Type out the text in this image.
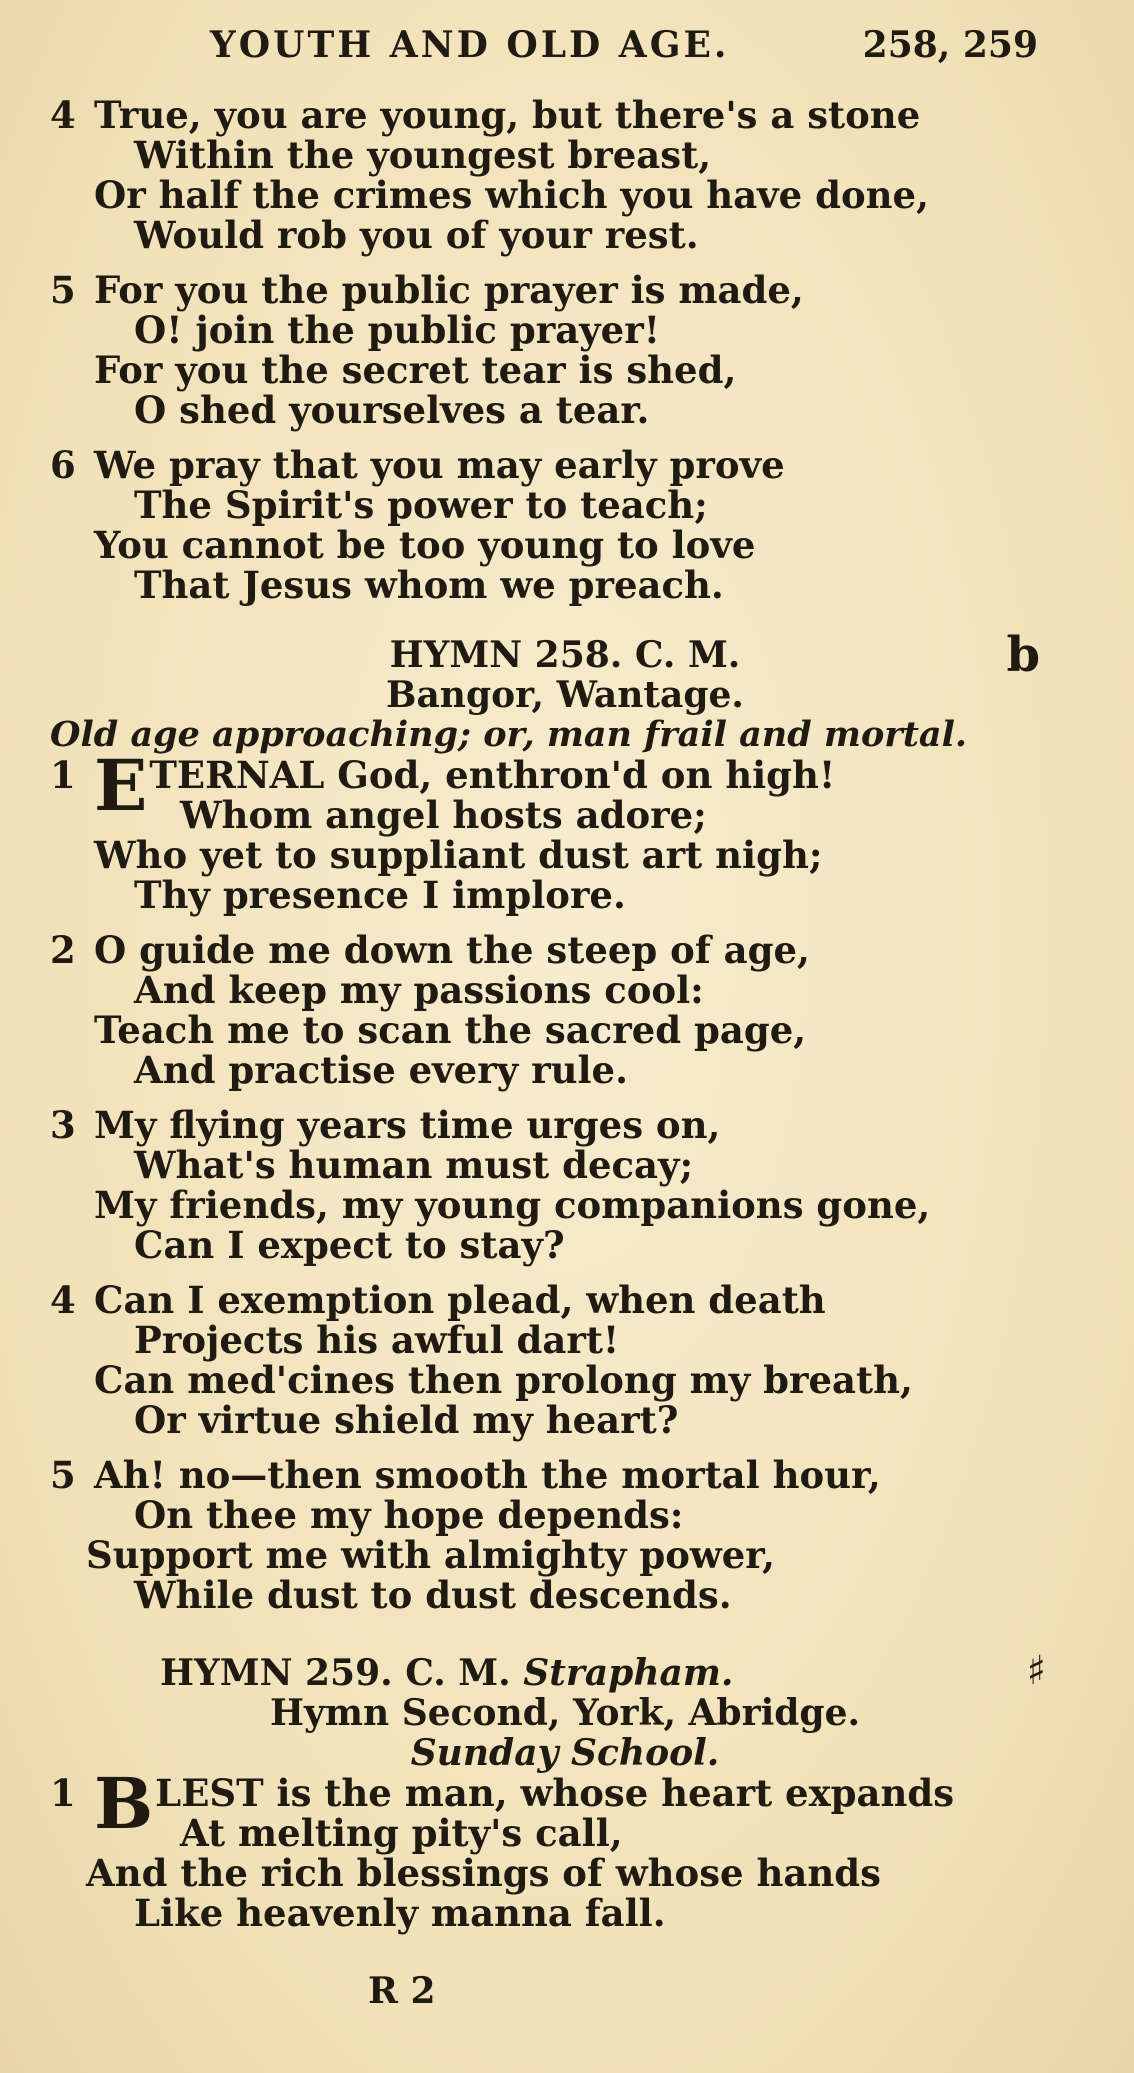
YOUTH AND OLD AGE.	258, 259
4 True, you are young, but there's a stone
Within the youngest breast,
Or half the crimes which you have done,
Would rob you of your rest.
5 For you the public prayer is made,
O! join the public prayer!
For you the secret tear is shed,
O shed yourselves a tear.
6 We pray that you may early prove
The Spirit's power to teach;
You cannot be too young to love
That Jesus whom we preach.
HYMN 258. C. M.	b
Bangor, Wantage.
Old age approaching; or, man frail and mortal.
1 ETERNAL God, enthron'd on high!
Whom angel hosts adore;
Who yet to suppliant dust art nigh;
Thy presence I implore.
2 O guide me down the steep of age,
And keep my passions cool:
Teach me to scan the sacred page,
And practise every rule.
3 My flying years time urges on,
What's human must decay;
My friends, my young companions gone,
Can I expect to stay?
4 Can I exemption plead, when death
Projects his awful dart!
Can med'cines then prolong my breath,
Or virtue shield my heart?
5 Ah! no—then smooth the mortal hour,
On thee my hope depends:
Support me with almighty power,
While dust to dust descends.
HYMN 259. C. M. Strapham.	♯
Hymn Second, York, Abridge.
Sunday School.
1 BLEST is the man, whose heart expands
At melting pity's call,
And the rich blessings of whose hands
Like heavenly manna fall.
R 2
